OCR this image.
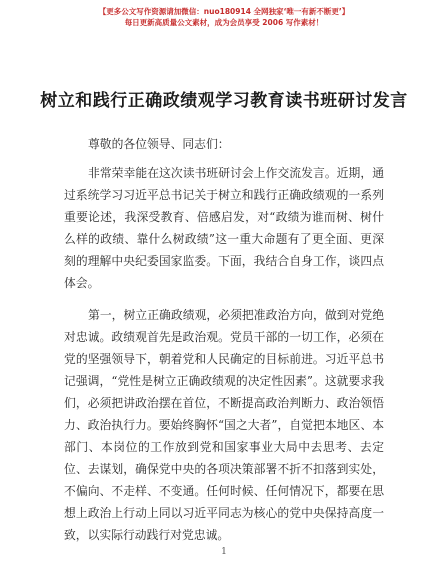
【更多公文写作资源请加微信：nuo180914 全网独家‘唯一有新不断更’】
每日更新高质量公文素材，成为会员享受 2006 写作素材！
树立和践行正确政绩观学习教育读书班研讨发言

尊敬的各位领导、同志们：

非常荣幸能在这次读书班研讨会上作交流发言。近期，通过系统学习习近平总书记关于树立和践行正确政绩观的一系列重要论述，我深受教育、倍感启发，对“政绩为谁而树、树什么样的政绩、靠什么树政绩”这一重大命题有了更全面、更深刻的理解中央纪委国家监委。下面，我结合自身工作，谈四点体会。

第一，树立正确政绩观，必须把准政治方向，做到对党绝对忠诚。政绩观首先是政治观。党员干部的一切工作，必须在党的坚强领导下，朝着党和人民确定的目标前进。习近平总书记强调，“党性是树立正确政绩观的决定性因素”。这就要求我们，必须把讲政治摆在首位，不断提高政治判断力、政治领悟力、政治执行力。要始终胸怀“国之大者”，自觉把本地区、本部门、本岗位的工作放到党和国家事业大局中去思考、去定位、去谋划，确保党中央的各项决策部署不折不扣落到实处，不偏向、不走样、不变通。任何时候、任何情况下，都要在思想上政治上行动上同以习近平同志为核心的党中央保持高度一致，以实际行动践行对党忠诚。

1
